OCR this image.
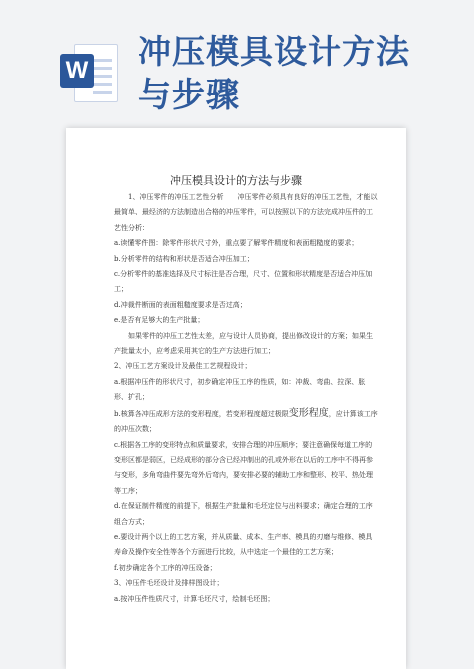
W 冲压模具设计方法
与步骤
冲压模具设计的方法与步骤

1、冲压零件的冲压工艺性分析　　冲压零件必须具有良好的冲压工艺性，才能以最简单、最经济的方法制造出合格的冲压零件，可以按照以下的方法完成冲压件的工艺性分析：

a.读懂零件图：除零件形状尺寸外，重点要了解零件精度和表面粗糙度的要求；

b.分析零件的结构和形状是否适合冲压加工；

c.分析零件的基准选择及尺寸标注是否合理，尺寸、位置和形状精度是否适合冲压加工；

d.冲裁件断面的表面粗糙度要求是否过高；

e.是否有足够大的生产批量；

如果零件的冲压工艺性太差，应与设计人员协商，提出修改设计的方案；如果生产批量太小，应考虑采用其它的生产方法进行加工；

2、冲压工艺方案设计及最佳工艺规程设计；

a.根据冲压件的形状尺寸，初步确定冲压工序的性质，如：冲裁、弯曲、拉深、胀形、扩孔；

b.核算各冲压成形方法的变形程度，若变形程度超过极限变形程度，应计算该工序的冲压次数；

c.根据各工序的变形特点和质量要求，安排合理的冲压顺序；要注意确保每道工序的变形区都是弱区，已经成形的部分含已经冲制出的孔或外形在以后的工序中不得再参与变形，多角弯曲件要先弯外后弯内，要安排必要的辅助工序和整形、校平、热处理等工序；

d.在保证制件精度的前提下，根据生产批量和毛坯定位与出料要求；确定合理的工序组合方式；

e.要设计两个以上的工艺方案，并从质量、成本、生产率、模具的刃磨与维修、模具寿命及操作安全性等各个方面进行比较，从中选定一个最佳的工艺方案；

f.初步确定各个工序的冲压设备；

3、冲压件毛坯设计及排样图设计；

a.按冲压件性质尺寸，计算毛坯尺寸，绘制毛坯图；
